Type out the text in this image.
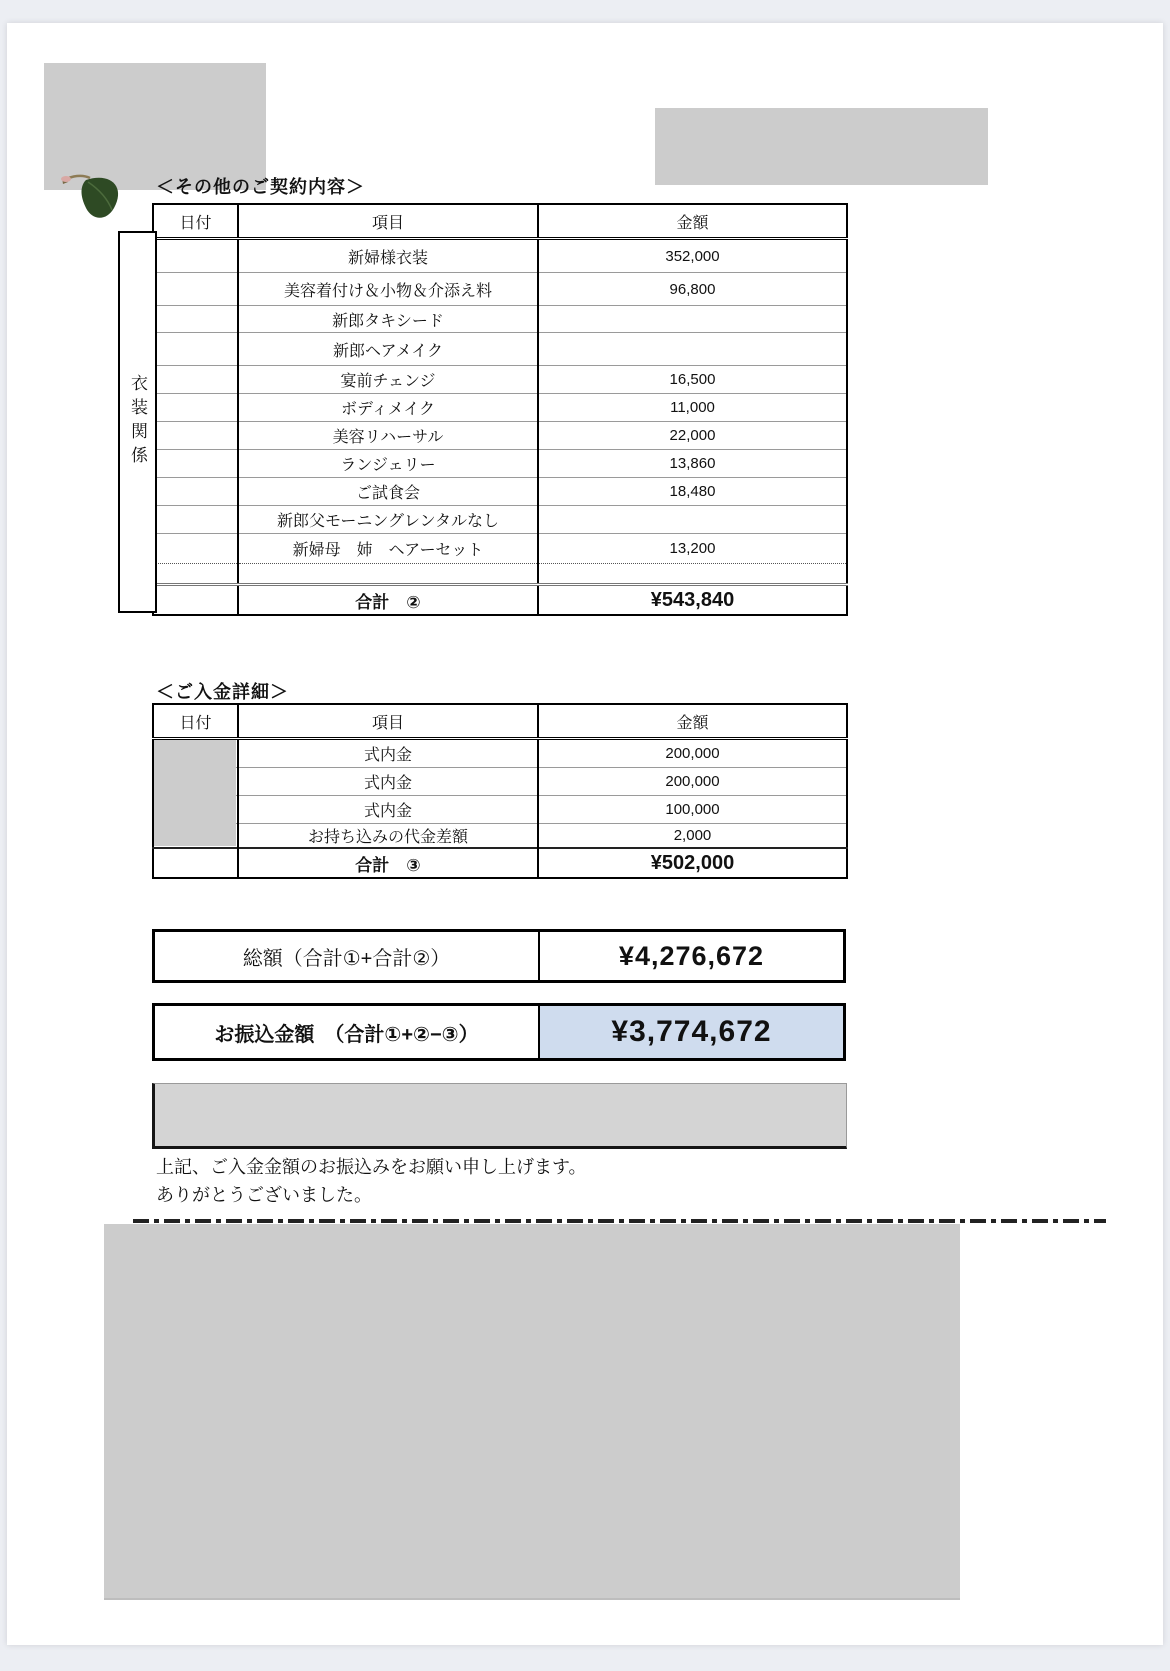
＜その他のご契約内容＞
日付	項目	金額
	新婦様衣装	352,000
	美容着付け＆小物＆介添え料	96,800
	新郎タキシード	
	新郎ヘアメイク	
	宴前チェンジ	16,500
	ボディメイク	11,000
	美容リハーサル	22,000
	ランジェリー	13,860
	ご試食会	18,480
	新郎父モーニングレンタルなし	
	新婦母　姉　ヘアーセット	13,200

	合計　②	¥543,840
衣装関係
＜ご入金詳細＞
日付	項目	金額
	式内金	200,000
	式内金	200,000
	式内金	100,000
	お持ち込みの代金差額	2,000
	合計　③	¥502,000
総額（合計①+合計②）	¥4,276,672
お振込金額　（合計①+②−③）	¥3,774,672
上記、ご入金金額のお振込みをお願い申し上げます。
ありがとうございました。
